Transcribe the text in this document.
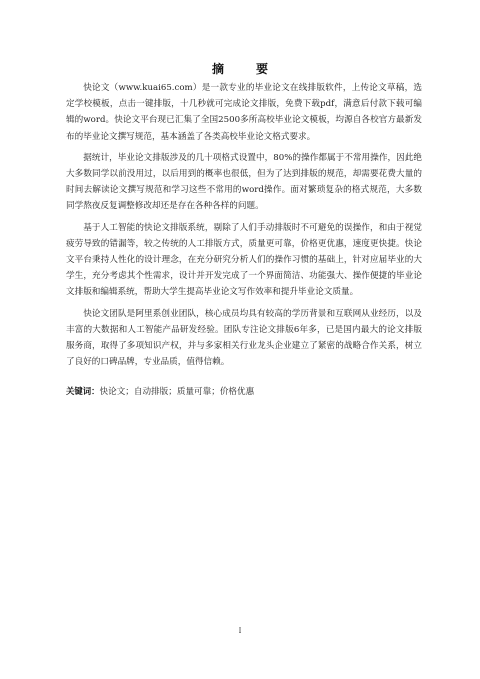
摘　要

快论文（www.kuai65.com）是一款专业的毕业论文在线排版软件，上传论文草稿，选定学校模板，点击一键排版，十几秒就可完成论文排版，免费下载pdf，满意后付款下载可编辑的word。快论文平台现已汇集了全国2500多所高校毕业论文模板，均源自各校官方最新发布的毕业论文撰写规范，基本涵盖了各类高校毕业论文格式要求。

据统计，毕业论文排版涉及的几十项格式设置中，80%的操作都属于不常用操作，因此绝大多数同学以前没用过，以后用到的概率也很低，但为了达到排版的规范，却需要花费大量的时间去解读论文撰写规范和学习这些不常用的word操作。面对繁琐复杂的格式规范，大多数同学熬夜反复调整修改却还是存在各种各样的问题。

基于人工智能的快论文排版系统，剔除了人们手动排版时不可避免的误操作，和由于视觉疲劳导致的错漏等，较之传统的人工排版方式，质量更可靠，价格更优惠，速度更快捷。快论文平台秉持人性化的设计理念，在充分研究分析人们的操作习惯的基础上，针对应届毕业的大学生，充分考虑其个性需求，设计并开发完成了一个界面简洁、功能强大、操作便捷的毕业论文排版和编辑系统，帮助大学生提高毕业论文写作效率和提升毕业论文质量。

快论文团队是阿里系创业团队，核心成员均具有较高的学历背景和互联网从业经历，以及丰富的大数据和人工智能产品研发经验。团队专注论文排版6年多，已是国内最大的论文排版服务商，取得了多项知识产权，并与多家相关行业龙头企业建立了紧密的战略合作关系，树立了良好的口碑品牌，专业品质，值得信赖。

关键词：快论文；自动排版；质量可靠；价格优惠
I
